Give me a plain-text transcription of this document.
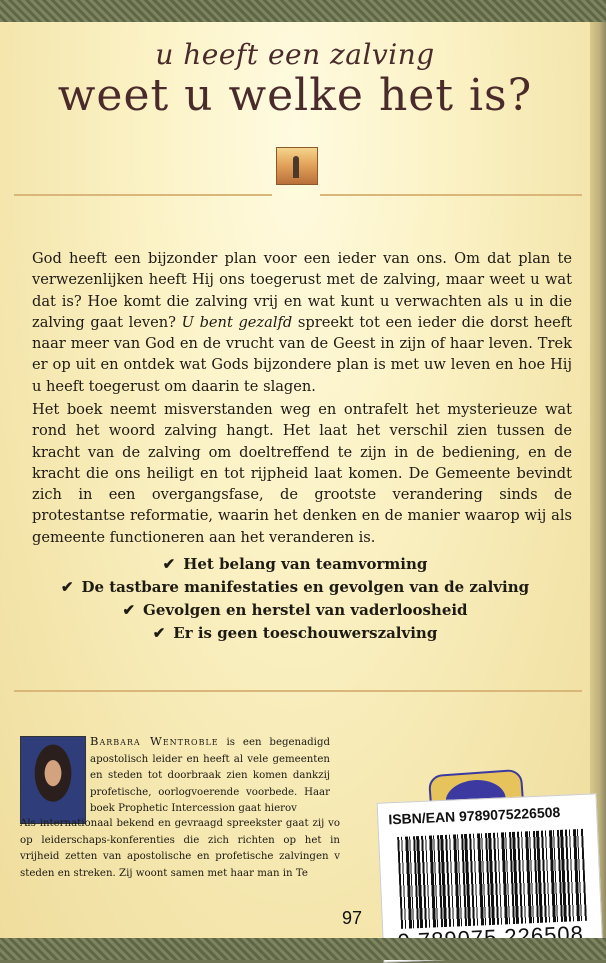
u heeft een zalving
weet u welke het is?

God heeft een bijzonder plan voor een ieder van ons. Om dat plan te verwezenlijken heeft Hij ons toegerust met de zalving, maar weet u wat dat is? Hoe komt die zalving vrij en wat kunt u verwachten als u in die zalving gaat leven? U bent gezalfd spreekt tot een ieder die dorst heeft naar meer van God en de vrucht van de Geest in zijn of haar leven. Trek er op uit en ontdek wat Gods bijzondere plan is met uw leven en hoe Hij u heeft toegerust om daarin te slagen.

Het boek neemt misverstanden weg en ontrafelt het mysterieuze wat rond het woord zalving hangt. Het laat het verschil zien tussen de kracht van de zalving om doeltreffend te zijn in de bediening, en de kracht die ons heiligt en tot rijpheid laat komen. De Gemeente bevindt zich in een overgangsfase, de grootste verandering sinds de protestantse reformatie, waarin het denken en de manier waarop wij als gemeente functioneren aan het veranderen is.

✔ Het belang van teamvorming
✔ De tastbare manifestaties en gevolgen van de zalving
✔ Gevolgen en herstel van vaderloosheid
✔ Er is geen toeschouwerszalving

Barbara Wentroble is een begenadigd apostolisch leider en heeft al vele gemeenten en steden tot doorbraak zien komen dankzij profetische, oorlogvoerende voorbede. Haar boek Prophetic Intercession gaat hierov

Als internationaal bekend en gevraagd spreekster gaat zij vo op leiderschaps-konferenties die zich richten op het in vrijheid zetten van apostolische en profetische zalvingen v steden en streken. Zij woont samen met haar man in Te

97
ISBN/EAN 9789075226508
